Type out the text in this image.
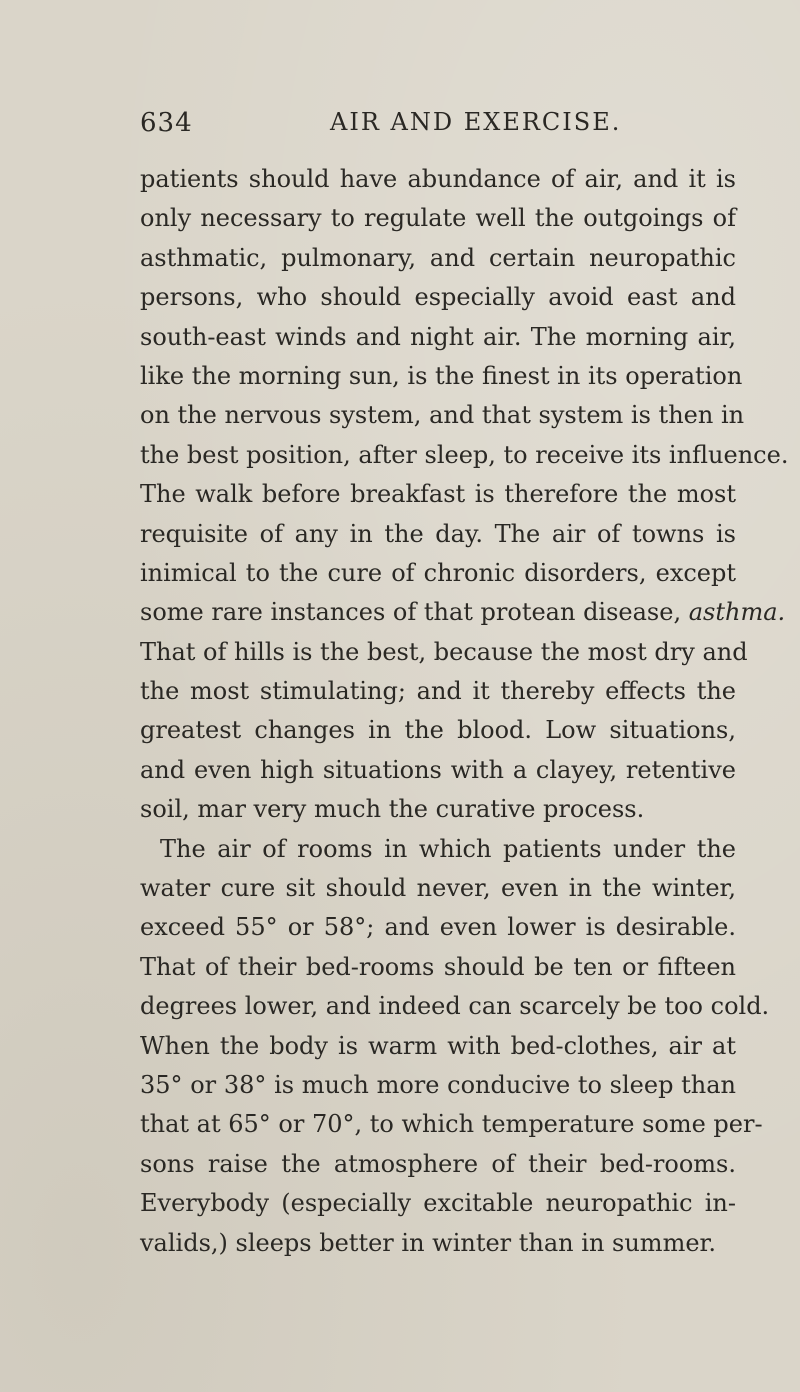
634	AIR AND EXERCISE.
patients should have abundance of air, and it is
only necessary to regulate well the outgoings of
asthmatic, pulmonary, and certain neuropathic
persons, who should especially avoid east and
south-east winds and night air. The morning air,
like the morning sun, is the finest in its operation
on the nervous system, and that system is then in
the best position, after sleep, to receive its influence.
The walk before breakfast is therefore the most
requisite of any in the day. The air of towns is
inimical to the cure of chronic disorders, except
some rare instances of that protean disease, asthma.
That of hills is the best, because the most dry and
the most stimulating; and it thereby effects the
greatest changes in the blood. Low situations,
and even high situations with a clayey, retentive
soil, mar very much the curative process.
The air of rooms in which patients under the
water cure sit should never, even in the winter,
exceed 55° or 58°; and even lower is desirable.
That of their bed-rooms should be ten or fifteen
degrees lower, and indeed can scarcely be too cold.
When the body is warm with bed-clothes, air at
35° or 38° is much more conducive to sleep than
that at 65° or 70°, to which temperature some per-
sons raise the atmosphere of their bed-rooms.
Everybody (especially excitable neuropathic in-
valids,) sleeps better in winter than in summer.
